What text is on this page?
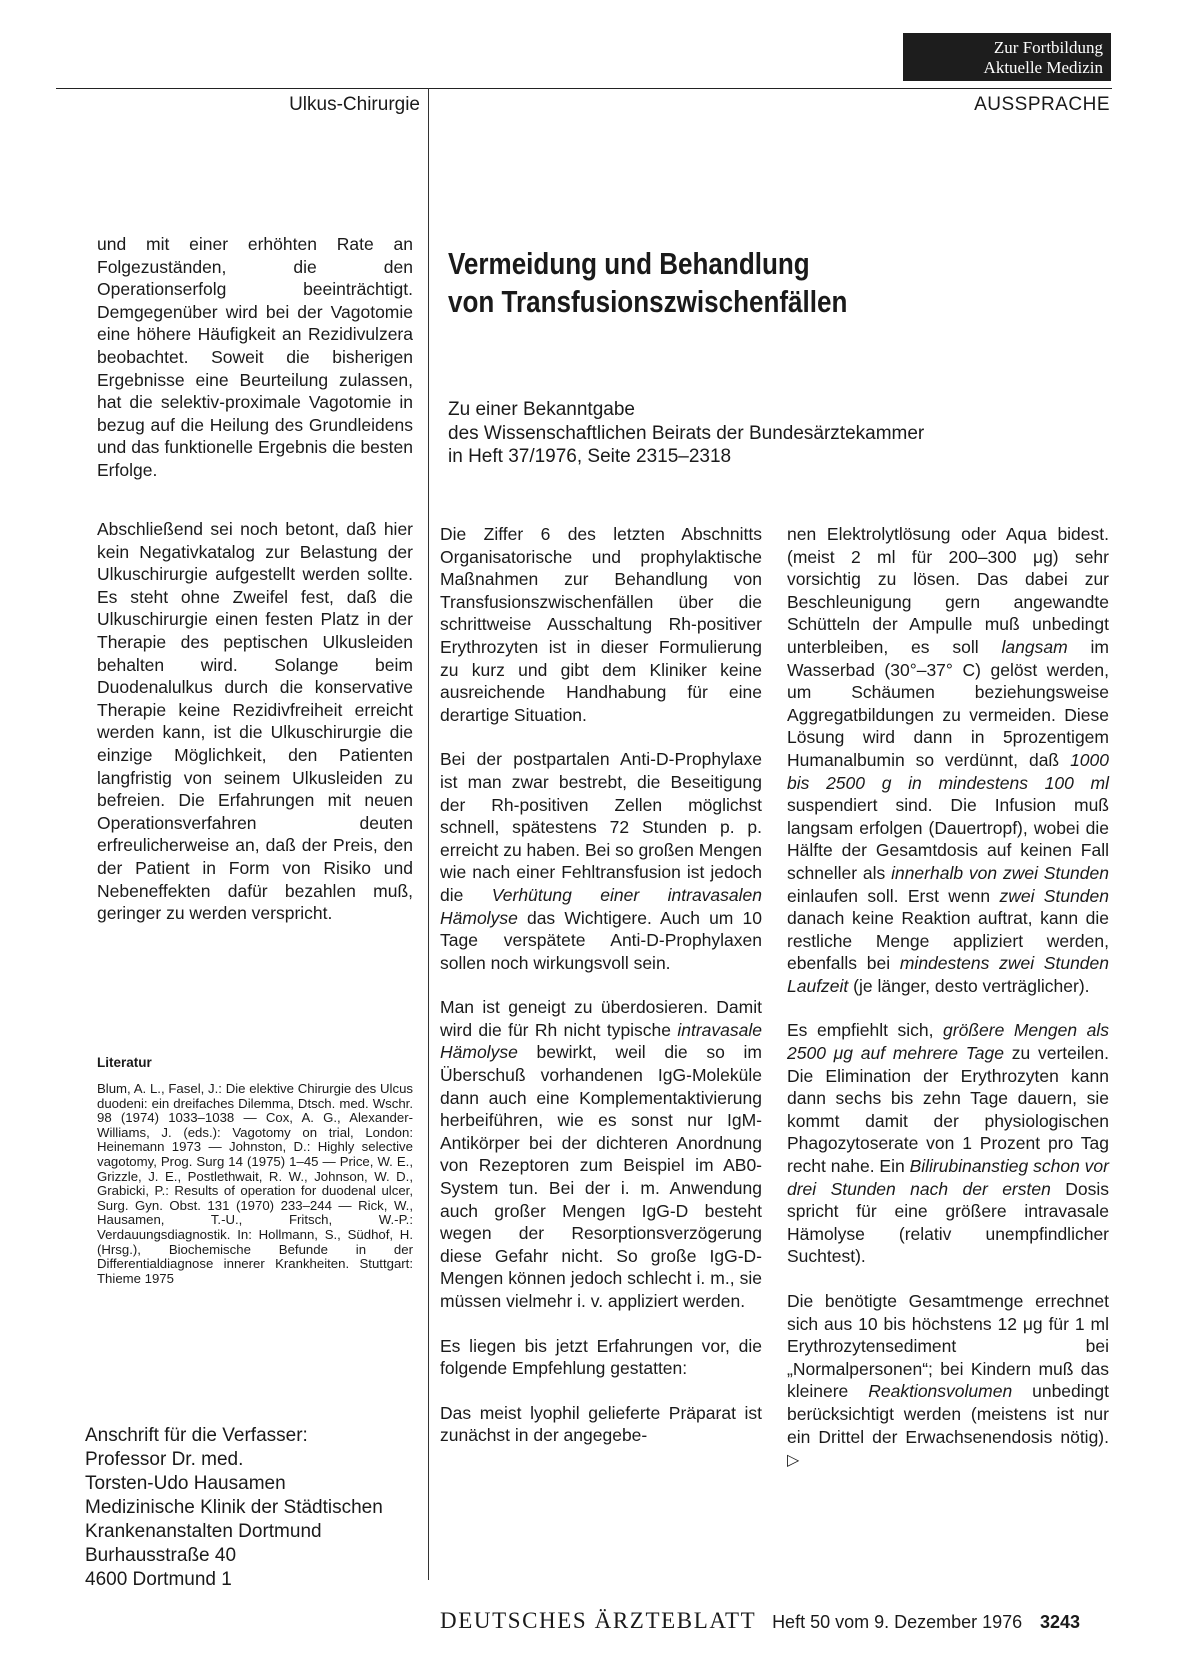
Zur Fortbildung
Aktuelle Medizin
Ulkus-Chirurgie	AUSSPRACHE

und mit einer erhöhten Rate an Folgezuständen, die den Operationserfolg beeinträchtigt. Demgegenüber wird bei der Vagotomie eine höhere Häufigkeit an Rezidivulzera beobachtet. Soweit die bisherigen Ergebnisse eine Beurteilung zulassen, hat die selektiv-proximale Vagotomie in bezug auf die Heilung des Grundleidens und das funktionelle Ergebnis die besten Erfolge.

Abschließend sei noch betont, daß hier kein Negativkatalog zur Belastung der Ulkuschirurgie aufgestellt werden sollte. Es steht ohne Zweifel fest, daß die Ulkuschirurgie einen festen Platz in der Therapie des peptischen Ulkusleiden behalten wird. Solange beim Duodenalulkus durch die konservative Therapie keine Rezidivfreiheit erreicht werden kann, ist die Ulkuschirurgie die einzige Möglichkeit, den Patienten langfristig von seinem Ulkusleiden zu befreien. Die Erfahrungen mit neuen Operationsverfahren deuten erfreulicherweise an, daß der Preis, den der Patient in Form von Risiko und Nebeneffekten dafür bezahlen muß, geringer zu werden verspricht.

Literatur
Blum, A. L., Fasel, J.: Die elektive Chirurgie des Ulcus duodeni: ein dreifaches Dilemma, Dtsch. med. Wschr. 98 (1974) 1033–1038 — Cox, A. G., Alexander-Williams, J. (eds.): Vagotomy on trial, London: Heinemann 1973 — Johnston, D.: Highly selective vagotomy, Prog. Surg 14 (1975) 1–45 — Price, W. E., Grizzle, J. E., Postlethwait, R. W., Johnson, W. D., Grabicki, P.: Results of operation for duodenal ulcer, Surg. Gyn. Obst. 131 (1970) 233–244 — Rick, W., Hausamen, T.-U., Fritsch, W.-P.: Verdauungsdiagnostik. In: Hollmann, S., Südhof, H. (Hrsg.), Biochemische Befunde in der Differentialdiagnose innerer Krankheiten. Stuttgart: Thieme 1975
Anschrift für die Verfasser:
Professor Dr. med.
Torsten-Udo Hausamen
Medizinische Klinik der Städtischen
Krankenanstalten Dortmund
Burhausstraße 40
4600 Dortmund 1
Vermeidung und Behandlung
von Transfusionszwischenfällen
Zu einer Bekanntgabe
des Wissenschaftlichen Beirats der Bundesärztekammer
in Heft 37/1976, Seite 2315–2318

Die Ziffer 6 des letzten Abschnitts Organisatorische und prophylaktische Maßnahmen zur Behandlung von Transfusionszwischenfällen über die schrittweise Ausschaltung Rh-positiver Erythrozyten ist in dieser Formulierung zu kurz und gibt dem Kliniker keine ausreichende Handhabung für eine derartige Situation.

Bei der postpartalen Anti-D-Prophylaxe ist man zwar bestrebt, die Beseitigung der Rh-positiven Zellen möglichst schnell, spätestens 72 Stunden p. p. erreicht zu haben. Bei so großen Mengen wie nach einer Fehltransfusion ist jedoch die Verhütung einer intravasalen Hämolyse das Wichtigere. Auch um 10 Tage verspätete Anti-D-Prophylaxen sollen noch wirkungsvoll sein.

Man ist geneigt zu überdosieren. Damit wird die für Rh nicht typische intravasale Hämolyse bewirkt, weil die so im Überschuß vorhandenen IgG-Moleküle dann auch eine Komplementaktivierung herbeiführen, wie es sonst nur IgM-Antikörper bei der dichteren Anordnung von Rezeptoren zum Beispiel im AB0-System tun. Bei der i. m. Anwendung auch großer Mengen IgG-D besteht wegen der Resorptionsverzögerung diese Gefahr nicht. So große IgG-D-Mengen können jedoch schlecht i. m., sie müssen vielmehr i. v. appliziert werden.

Es liegen bis jetzt Erfahrungen vor, die folgende Empfehlung gestatten:

Das meist lyophil gelieferte Präparat ist zunächst in der angegebe-

nen Elektrolytlösung oder Aqua bidest. (meist 2 ml für 200–300 μg) sehr vorsichtig zu lösen. Das dabei zur Beschleunigung gern angewandte Schütteln der Ampulle muß unbedingt unterbleiben, es soll langsam im Wasserbad (30°–37° C) gelöst werden, um Schäumen beziehungsweise Aggregatbildungen zu vermeiden. Diese Lösung wird dann in 5prozentigem Humanalbumin so verdünnt, daß 1000 bis 2500 g in mindestens 100 ml suspendiert sind. Die Infusion muß langsam erfolgen (Dauertropf), wobei die Hälfte der Gesamtdosis auf keinen Fall schneller als innerhalb von zwei Stunden einlaufen soll. Erst wenn zwei Stunden danach keine Reaktion auftrat, kann die restliche Menge appliziert werden, ebenfalls bei mindestens zwei Stunden Laufzeit (je länger, desto verträglicher).

Es empfiehlt sich, größere Mengen als 2500 μg auf mehrere Tage zu verteilen. Die Elimination der Erythrozyten kann dann sechs bis zehn Tage dauern, sie kommt damit der physiologischen Phagozytoserate von 1 Prozent pro Tag recht nahe. Ein Bilirubinanstieg schon vor drei Stunden nach der ersten Dosis spricht für eine größere intravasale Hämolyse (relativ unempfindlicher Suchtest).

Die benötigte Gesamtmenge errechnet sich aus 10 bis höchstens 12 μg für 1 ml Erythrozytensediment bei „Normalpersonen“; bei Kindern muß das kleinere Reaktionsvolumen unbedingt berücksichtigt werden (meistens ist nur ein Drittel der Erwachsenendosis nötig). ▷

DEUTSCHES ÄRZTEBLATT Heft 50 vom 9. Dezember 1976 3243
